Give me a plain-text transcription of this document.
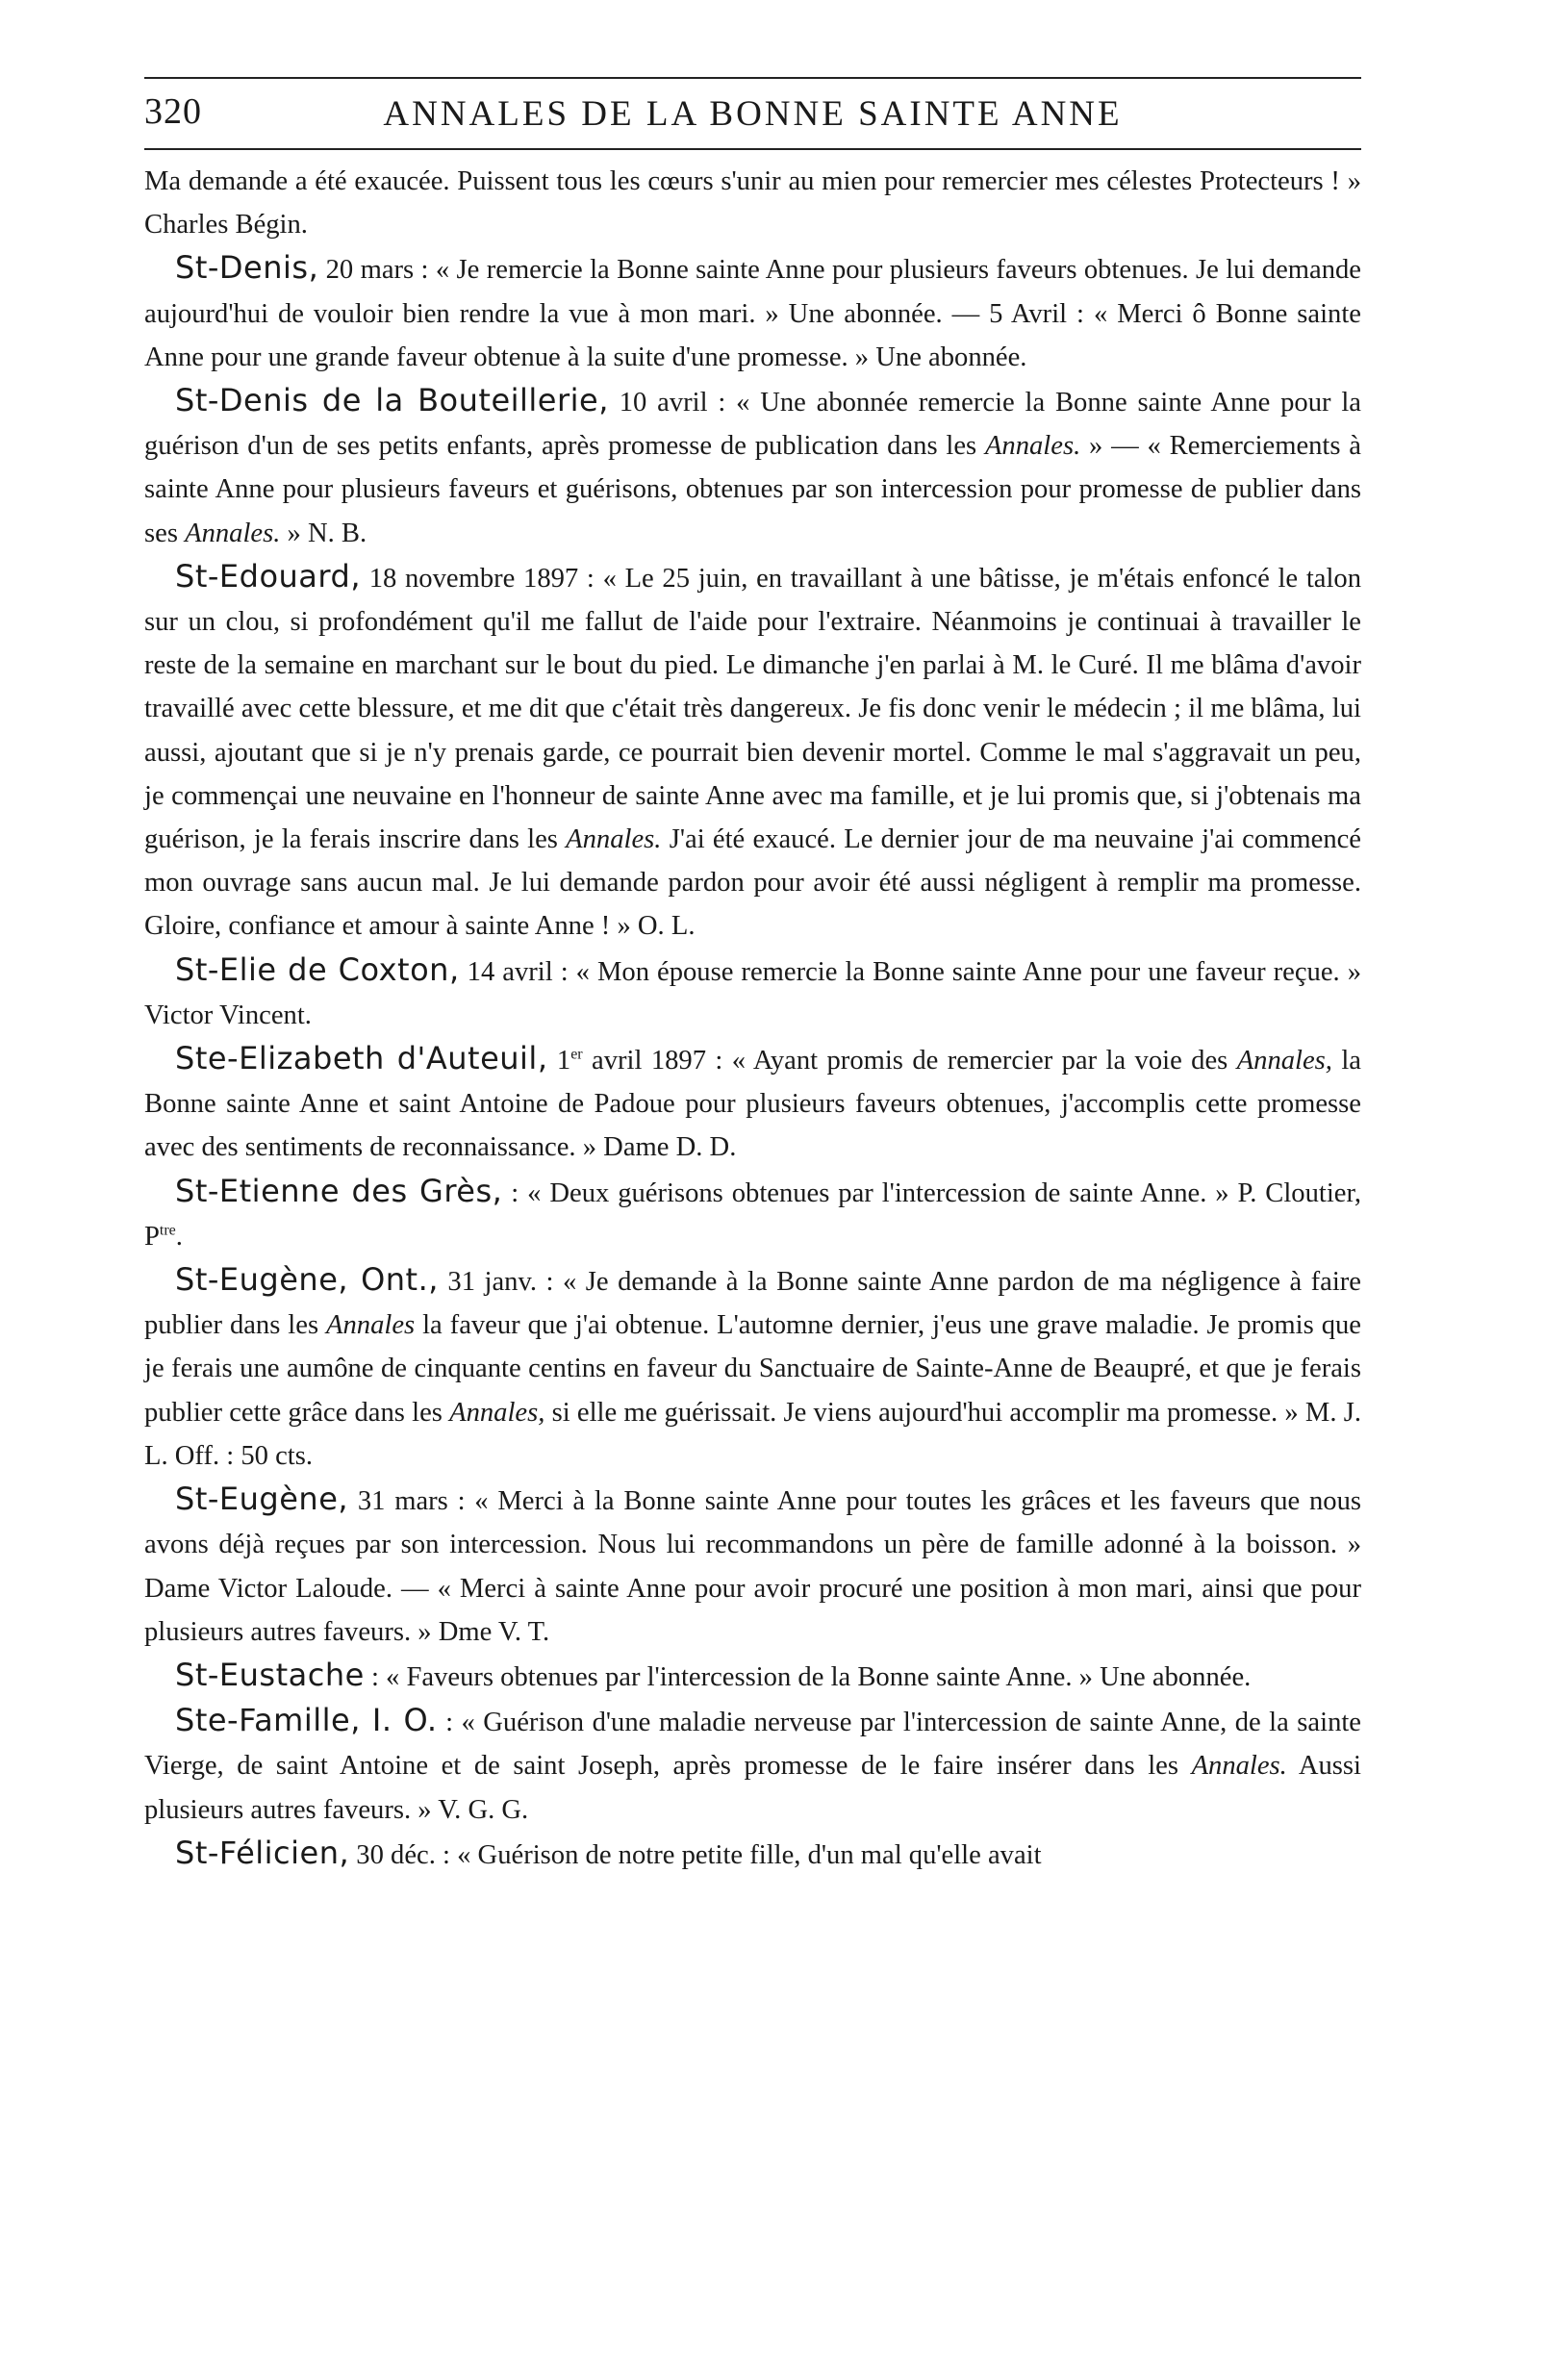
320	ANNALES DE LA BONNE SAINTE ANNE

Ma demande a été exaucée. Puissent tous les cœurs s'unir au mien pour remercier mes célestes Protecteurs ! » Charles Bégin.

St-Denis, 20 mars : « Je remercie la Bonne sainte Anne pour plusieurs faveurs obtenues. Je lui demande aujourd'hui de vouloir bien rendre la vue à mon mari. » Une abonnée. — 5 Avril : « Merci ô Bonne sainte Anne pour une grande faveur obtenue à la suite d'une promesse. » Une abonnée.

St-Denis de la Bouteillerie, 10 avril : « Une abonnée remercie la Bonne sainte Anne pour la guérison d'un de ses petits enfants, après promesse de publication dans les Annales. » — « Remerciements à sainte Anne pour plusieurs faveurs et guérisons, obtenues par son intercession pour promesse de publier dans ses Annales. » N. B.

St-Edouard, 18 novembre 1897 : « Le 25 juin, en travaillant à une bâtisse, je m'étais enfoncé le talon sur un clou, si profondément qu'il me fallut de l'aide pour l'extraire. Néanmoins je continuai à travailler le reste de la semaine en marchant sur le bout du pied. Le dimanche j'en parlai à M. le Curé. Il me blâma d'avoir travaillé avec cette blessure, et me dit que c'était très dangereux. Je fis donc venir le médecin ; il me blâma, lui aussi, ajoutant que si je n'y prenais garde, ce pourrait bien devenir mortel. Comme le mal s'aggravait un peu, je commençai une neuvaine en l'honneur de sainte Anne avec ma famille, et je lui promis que, si j'obtenais ma guérison, je la ferais inscrire dans les Annales. J'ai été exaucé. Le dernier jour de ma neuvaine j'ai commencé mon ouvrage sans aucun mal. Je lui demande pardon pour avoir été aussi négligent à remplir ma promesse. Gloire, confiance et amour à sainte Anne ! » O. L.

St-Elie de Coxton, 14 avril : « Mon épouse remercie la Bonne sainte Anne pour une faveur reçue. » Victor Vincent.

Ste-Elizabeth d'Auteuil, 1er avril 1897 : « Ayant promis de remercier par la voie des Annales, la Bonne sainte Anne et saint Antoine de Padoue pour plusieurs faveurs obtenues, j'accomplis cette promesse avec des sentiments de reconnaissance. » Dame D. D.

St-Etienne des Grès, : « Deux guérisons obtenues par l'intercession de sainte Anne. » P. Cloutier, $P^{tre}$.

St-Eugène, Ont., 31 janv. : « Je demande à la Bonne sainte Anne pardon de ma négligence à faire publier dans les Annales la faveur que j'ai obtenue. L'automne dernier, j'eus une grave maladie. Je promis que je ferais une aumône de cinquante centins en faveur du Sanctuaire de Sainte-Anne de Beaupré, et que je ferais publier cette grâce dans les Annales, si elle me guérissait. Je viens aujourd'hui accomplir ma promesse. » M. J. L. Off. : 50 cts.

St-Eugène, 31 mars : « Merci à la Bonne sainte Anne pour toutes les grâces et les faveurs que nous avons déjà reçues par son intercession. Nous lui recommandons un père de famille adonné à la boisson. » Dame Victor Laloude. — « Merci à sainte Anne pour avoir procuré une position à mon mari, ainsi que pour plusieurs autres faveurs. » Dme V. T.

St-Eustache : « Faveurs obtenues par l'intercession de la Bonne sainte Anne. » Une abonnée.

Ste-Famille, I. O. : « Guérison d'une maladie nerveuse par l'intercession de sainte Anne, de la sainte Vierge, de saint Antoine et de saint Joseph, après promesse de le faire insérer dans les Annales. Aussi plusieurs autres faveurs. » V. G. G.

St-Félicien, 30 déc. : « Guérison de notre petite fille, d'un mal qu'elle avait
